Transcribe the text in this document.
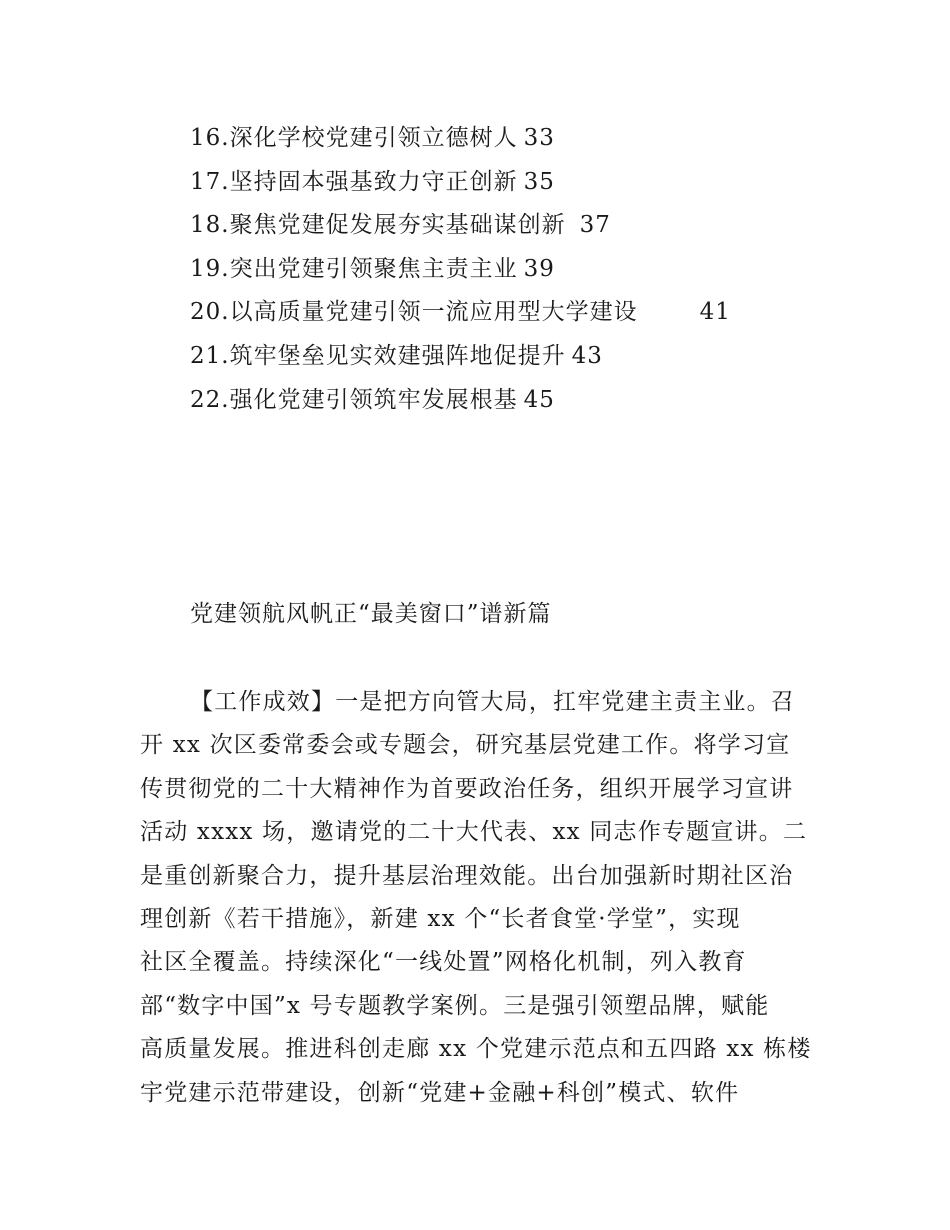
16.深化学校党建引领立德树人 33
17.坚持固本强基致力守正创新 35
18.聚焦党建促发展夯实基础谋创新 37
19.突出党建引领聚焦主责主业 39
20.以高质量党建引领一流应用型大学建设	41
21.筑牢堡垒见实效建强阵地促提升 43
22.强化党建引领筑牢发展根基 45
党建领航风帆正“最美窗口”谱新篇
【工作成效】一是把方向管大局，扛牢党建主责主业。召
开 xx 次区委常委会或专题会，研究基层党建工作。将学习宣
传贯彻党的二十大精神作为首要政治任务，组织开展学习宣讲
活动 xxxx 场，邀请党的二十大代表、xx 同志作专题宣讲。二
是重创新聚合力，提升基层治理效能。出台加强新时期社区治
理创新《若干措施》，新建 xx 个“长者食堂·学堂”，实现
社区全覆盖。持续深化“一线处置”网格化机制，列入教育
部“数字中国”x 号专题教学案例。三是强引领塑品牌，赋能
高质量发展。推进科创走廊 xx 个党建示范点和五四路 xx 栋楼
宇党建示范带建设，创新“党建+金融+科创”模式、软件
